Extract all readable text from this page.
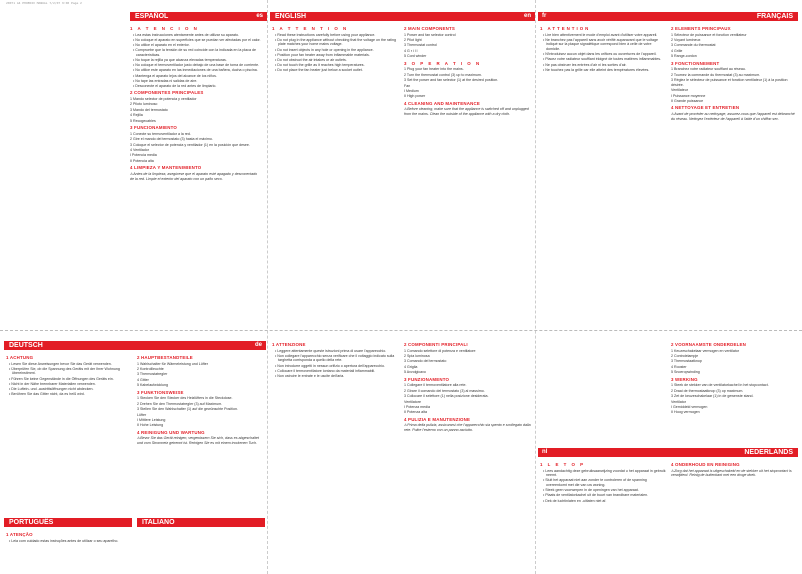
20071 A4 PHOENIX MANUAL 7/2/07 9:00 Page 2
ESPAÑOL	es
1 A T E N C I O N
• Lea estas instrucciones atentamente antes de utilizar su aparato.
• No coloque el aparato en superficies que se puedan ver afectadas por el calor.
• No utilice el aparato en el exterior.
• Compruebe que la tensión de su red coincide con la indicada en la placa de características.
• No toque la rejilla ya que alcanza elevadas temperaturas.
• No coloque el termoventilador justo debajo de una base de toma de corriente.
• No utilice este aparato en las inmediaciones de una bañera, ducha o piscina.
• Mantenga el aparato lejos del alcance de los niños.
• No tape las entradas ni salidas de aire.
• Desconecte el aparato de la red antes de limpiarlo.
2 COMPONENTES PRINCIPALES

1 Mando selector de potencia y ventilador

2 Piloto luminoso

3 Mando del termostato

4 Rejilla

5 Recogecables

3 FUNCIONAMIENTO

1 Conecte su termoventilador a la red.

2 Gire el mando del termostato (3) hasta el máximo.

3 Coloque el selector de potencia y ventilador (1) en la posición que desee.

4 Ventilador

I Potencia media

II Potencia alta

4 LIMPIEZA Y MANTENIMIENTO

⚠ Antes de la limpieza, asegúrese que el aparato esté apagado y desconectado de la red. Limpie el exterior del aparato con un paño seco.

ENGLISH	en
1 A T T E N T I O N
• Read these instructions carefully before using your appliance.
• Do not plug in the appliance without checking that the voltage on the rating plate matches your home mains voltage.
• Do not insert objects in any hole or opening in the appliance.
• Position your fan heater away from inflammable materials.
• Do not obstruct the air intakes or air outlets.
• Do not touch the grille as it reaches high temperatures.
• Do not place the fan heater just below a socket outlet.
2 MAIN COMPONENTS

1 Power and fan selector control

2 Pilot light

3 Thermostat control

4 G r i l l

5 Cord winder

3 O P E R A T I O N

1 Plug your fan heater into the mains.

2 Turn the thermostat control (3) up to maximum.

3 Set the power and fan selector (1) at the desired position.

Fan

I Medium

II High power

4 CLEANING AND MAINTENANCE

⚠ Before cleaning, make sure that the appliance is switched off and unplugged from the mains. Clean the outside of the appliance with a dry cloth.

FRANÇAIS
fr
1 ATTENTION
• Lire bien attentivement le mode d'emploi avant d'utiliser votre appareil.
• Ne branchez pas l'appareil sans avoir vérifié auparavant que le voltage indiqué sur la plaque signalétique correspond bien à celle de votre domicile.
• N'introduisez aucun objet dans les orifices ou ouvertures de l'appareil.
• Placez votre radiateur soufflant éloigné de toutes matières inflammables.
• Ne pas obstruer les entrées d'air ni les sorties d'air.
• Ne touchez pas la grille car elle atteint des températures élevées.
2 ELEMENTS PRINCIPAUX

1 Sélecteur de puissance et fonction ventilateur

2 Voyant lumineux

3 Commande du thermostat

4 Grille

5 Range-cordon

3 FONCTIONNEMENT

1 Branchez votre radiateur soufflant au réseau.

2 Tournez la commande du thermostat (3) au maximum.

3 Réglez le sélecteur de puissance et fonction ventilateur (1) à la position désirée.

Ventilateur

I Puissance moyenne

II Grande puissance

4 NETTOYAGE ET ENTRETIEN

⚠ Avant de procéder au nettoyage, assurez-vous que l'appareil est débranché du réseau. Nettoyez l'extérieur de l'appareil à l'aide d'un chiffon sec.

DEUTSCH	de
1 ACHTUNG
• Lesen Sie diese Anweisungen bevor Sie das Gerät verwenden.
• Überprüfen Sie, ob die Spannung des Geräts mit der Ihrer Wohnung übereinstimmt.
• Führen Sie keine Gegenstände in die Öffnungen des Geräts ein.
• Nicht in der Nähe brennbarer Materialien verwenden.
• Die Luftein- und -austrittsöffnungen nicht abdecken.
• Berühren Sie das Gitter nicht, da es heiß wird.
2 HAUPTBESTANDTEILE

1 Wahlschalter für Wärmeleistung und Lüfter

2 Kontrollleuchte

3 Thermostatregler

4 Gitter

5 Kabelaufwicklung

3 FUNKTIONSWEISE

1 Stecken Sie den Stecker des Heizlüfters in die Steckdose.

2 Drehen Sie den Thermostatregler (3) auf Maximum.

3 Stellen Sie den Wahlschalter (1) auf die gewünschte Position.

Lüfter

I Mittlere Leistung

II Hohe Leistung

4 REINIGUNG UND WARTUNG

⚠ Bevor Sie das Gerät reinigen, vergewissern Sie sich, dass es abgeschaltet und vom Stromnetz getrennt ist. Reinigen Sie es mit einem trockenen Tuch.

PORTUGUÊS
1 ATENÇÃO
• Leia com cuidado estas instruções antes de utilizar o seu aparelho.
ITALIANO
1 ATTENZIONE
• Leggere attentamente queste istruzioni prima di usare l'apparecchio.
• Non collegare l'apparecchio senza verificare che il voltaggio indicato sulla targhetta corrisponda a quello della rete.
• Non introdurre oggetti in nessun orifizio o apertura dell'apparecchio.
• Collocare il termoventilatore lontano da materiali infiammabili.
• Non ostruire le entrate e le uscite dell'aria.
2 COMPONENTI PRINCIPALI

1 Comando selettore di potenza e ventilatore

2 Spia luminosa

3 Comando del termostato

4 Griglia

5 Avvolgicavo

3 FUNZIONAMENTO

1 Collegare il termoventilatore alla rete.

2 Girare il comando del termostato (3) al massimo.

3 Collocare il selettore (1) nella posizione desiderata.

Ventilatore

I Potenza media

II Potenza alta

4 PULIZIA E MANUTENZIONE

⚠ Prima della pulizia, assicurarsi che l'apparecchio sia spento e scollegato dalla rete. Pulire l'esterno con un panno asciutto.

NEDERLANDS
nl
2 VOORNAAMSTE ONDERDELEN

1 Keuzeschakelaar vermogen en ventilator

2 Controlelampje

3 Thermostaatknop

4 Rooster

5 Snoeropwinding

3 WERKING

1 Steek de stekker van de ventilatorkachel in het stopcontact.

2 Draai de thermostaatknop (3) op maximum.

3 Zet de keuzeschakelaar (1) in de gewenste stand.

Ventilator

I Gemiddeld vermogen

II Hoog vermogen

1 L E T O P
• Lees aandachtig deze gebruiksaanwijzing voordat u het apparaat in gebruik neemt.
• Sluit het apparaat niet aan zonder te controleren of de spanning overeenkomt met die van uw woning.
• Steek geen voorwerpen in de openingen van het apparaat.
• Plaats de ventilatorkachel uit de buurt van brandbare materialen.
• Dek de luchtinlaten en -uitlaten niet af.
4 ONDERHOUD EN REINIGING

⚠ Zorg dat het apparaat is uitgeschakeld en de stekker uit het stopcontact is verwijderd. Reinig de buitenkant met een droge doek.
